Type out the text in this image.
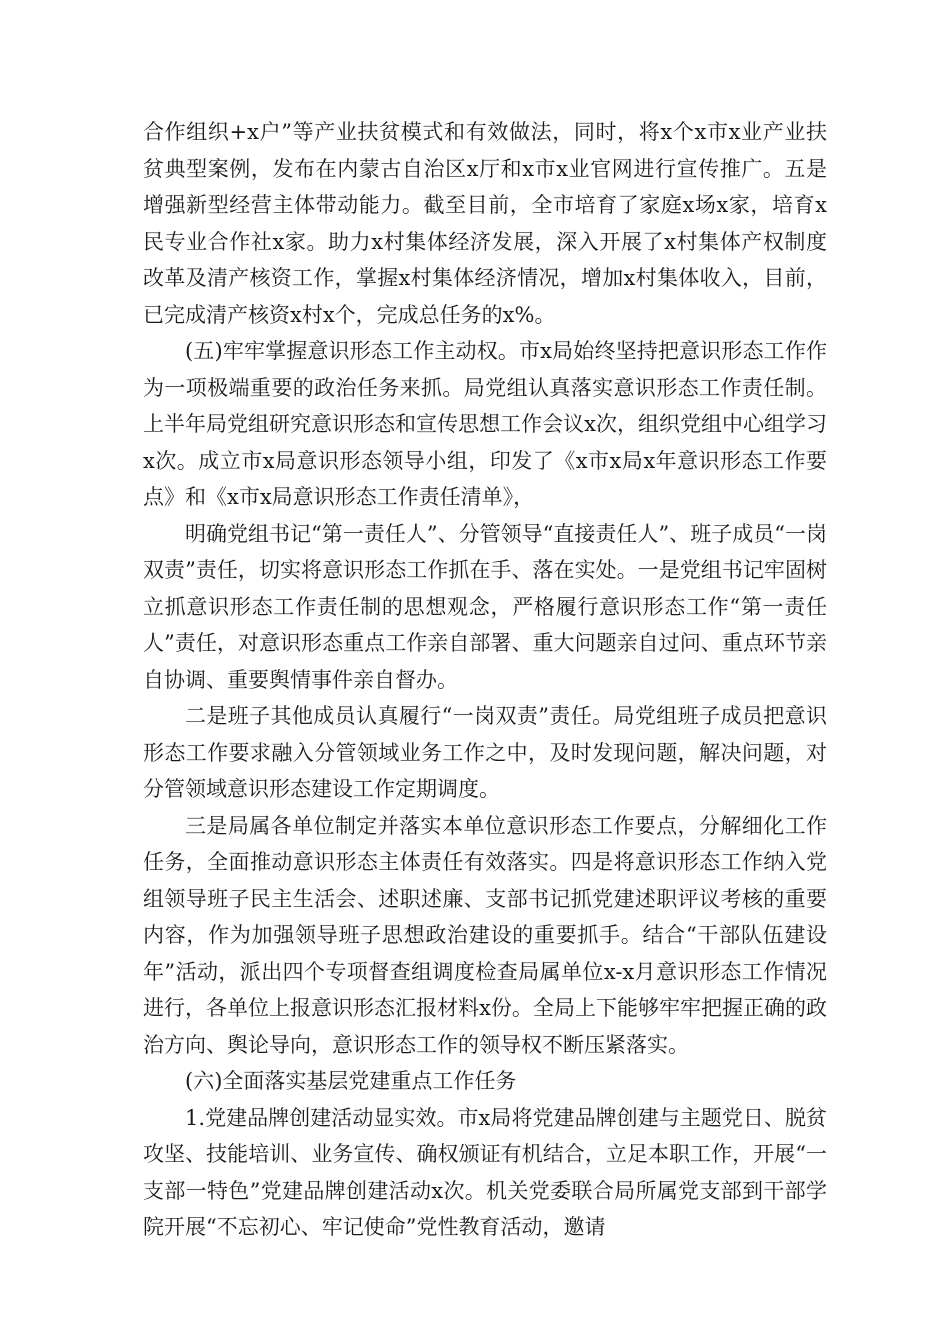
合作组织+x户”等产业扶贫模式和有效做法，同时，将x个x市x业产业扶贫典型案例，发布在内蒙古自治区x厅和x市x业官网进行宣传推广。五是增强新型经营主体带动能力。截至目前，全市培育了家庭x场x家，培育x民专业合作社x家。助力x村集体经济发展，深入开展了x村集体产权制度改革及清产核资工作，掌握x村集体经济情况，增加x村集体收入，目前，已完成清产核资x村x个，完成总任务的x%。

(五)牢牢掌握意识形态工作主动权。市x局始终坚持把意识形态工作作为一项极端重要的政治任务来抓。局党组认真落实意识形态工作责任制。上半年局党组研究意识形态和宣传思想工作会议x次，组织党组中心组学习x次。成立市x局意识形态领导小组，印发了《x市x局x年意识形态工作要点》和《x市x局意识形态工作责任清单》，

明确党组书记“第一责任人”、分管领导“直接责任人”、班子成员“一岗双责”责任，切实将意识形态工作抓在手、落在实处。一是党组书记牢固树立抓意识形态工作责任制的思想观念，严格履行意识形态工作“第一责任人”责任，对意识形态重点工作亲自部署、重大问题亲自过问、重点环节亲自协调、重要舆情事件亲自督办。

二是班子其他成员认真履行“一岗双责”责任。局党组班子成员把意识形态工作要求融入分管领域业务工作之中，及时发现问题，解决问题，对分管领域意识形态建设工作定期调度。

三是局属各单位制定并落实本单位意识形态工作要点，分解细化工作任务，全面推动意识形态主体责任有效落实。四是将意识形态工作纳入党组领导班子民主生活会、述职述廉、支部书记抓党建述职评议考核的重要内容，作为加强领导班子思想政治建设的重要抓手。结合“干部队伍建设年”活动，派出四个专项督查组调度检查局属单位x-x月意识形态工作情况进行，各单位上报意识形态汇报材料x份。全局上下能够牢牢把握正确的政治方向、舆论导向，意识形态工作的领导权不断压紧落实。

(六)全面落实基层党建重点工作任务

1.党建品牌创建活动显实效。市x局将党建品牌创建与主题党日、脱贫攻坚、技能培训、业务宣传、确权颁证有机结合，立足本职工作，开展“一支部一特色”党建品牌创建活动x次。机关党委联合局所属党支部到干部学院开展“不忘初心、牢记使命”党性教育活动，邀请
